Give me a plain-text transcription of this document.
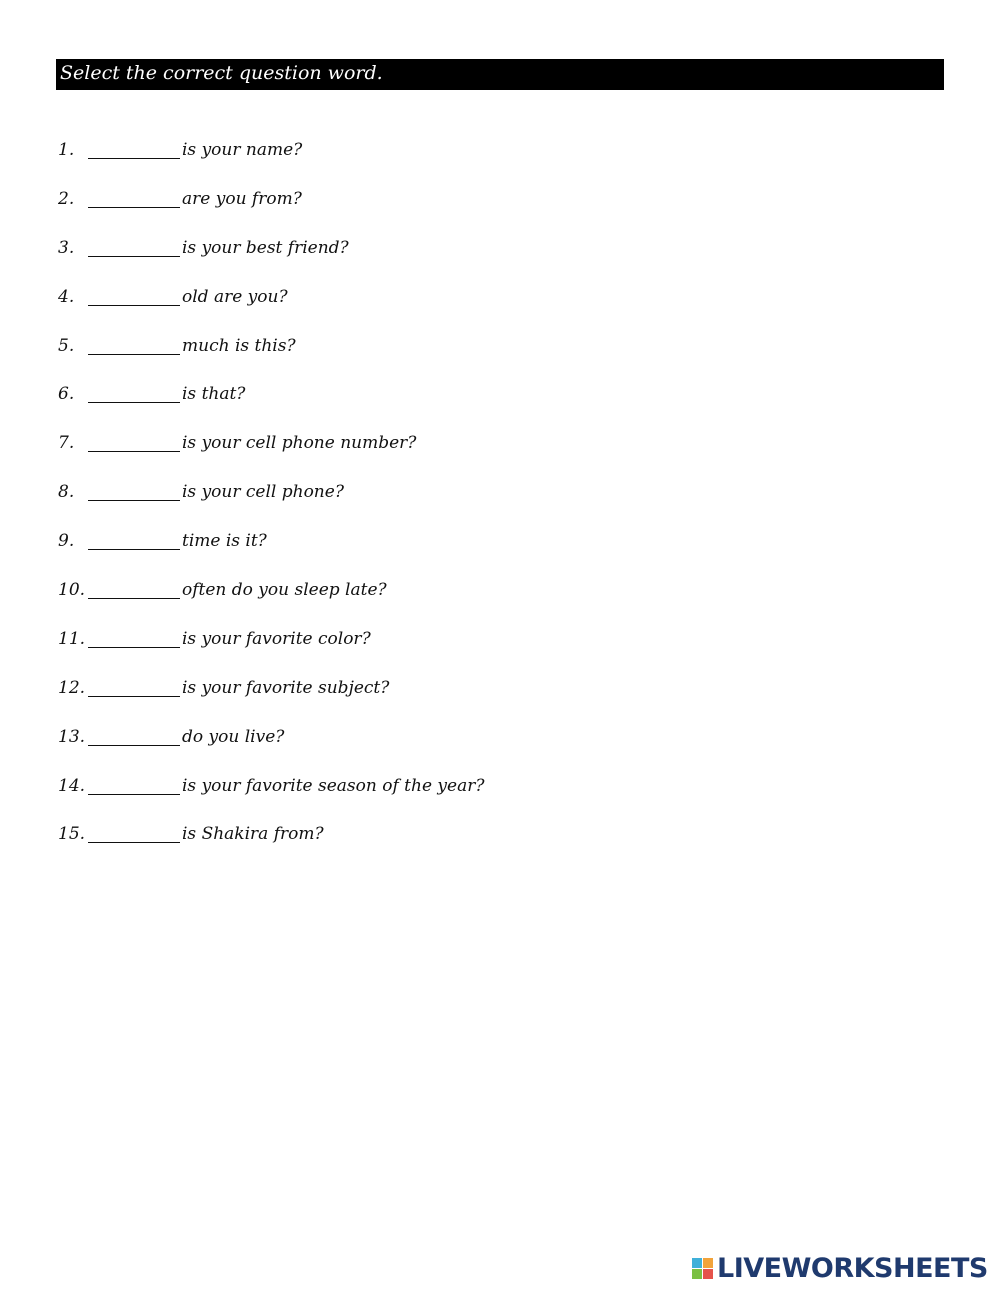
Select the correct question word.
1.	is your name?
2.	are you from?
3.	is your best friend?
4.	old are you?
5.	much is this?
6.	is that?
7.	is your cell phone number?
8.	is your cell phone?
9.	time is it?
10.	often do you sleep late?
11.	is your favorite color?
12.	is your favorite subject?
13.	do you live?
14.	is your favorite season of the year?
15.	is Shakira from?
LIVEWORKSHEETS
